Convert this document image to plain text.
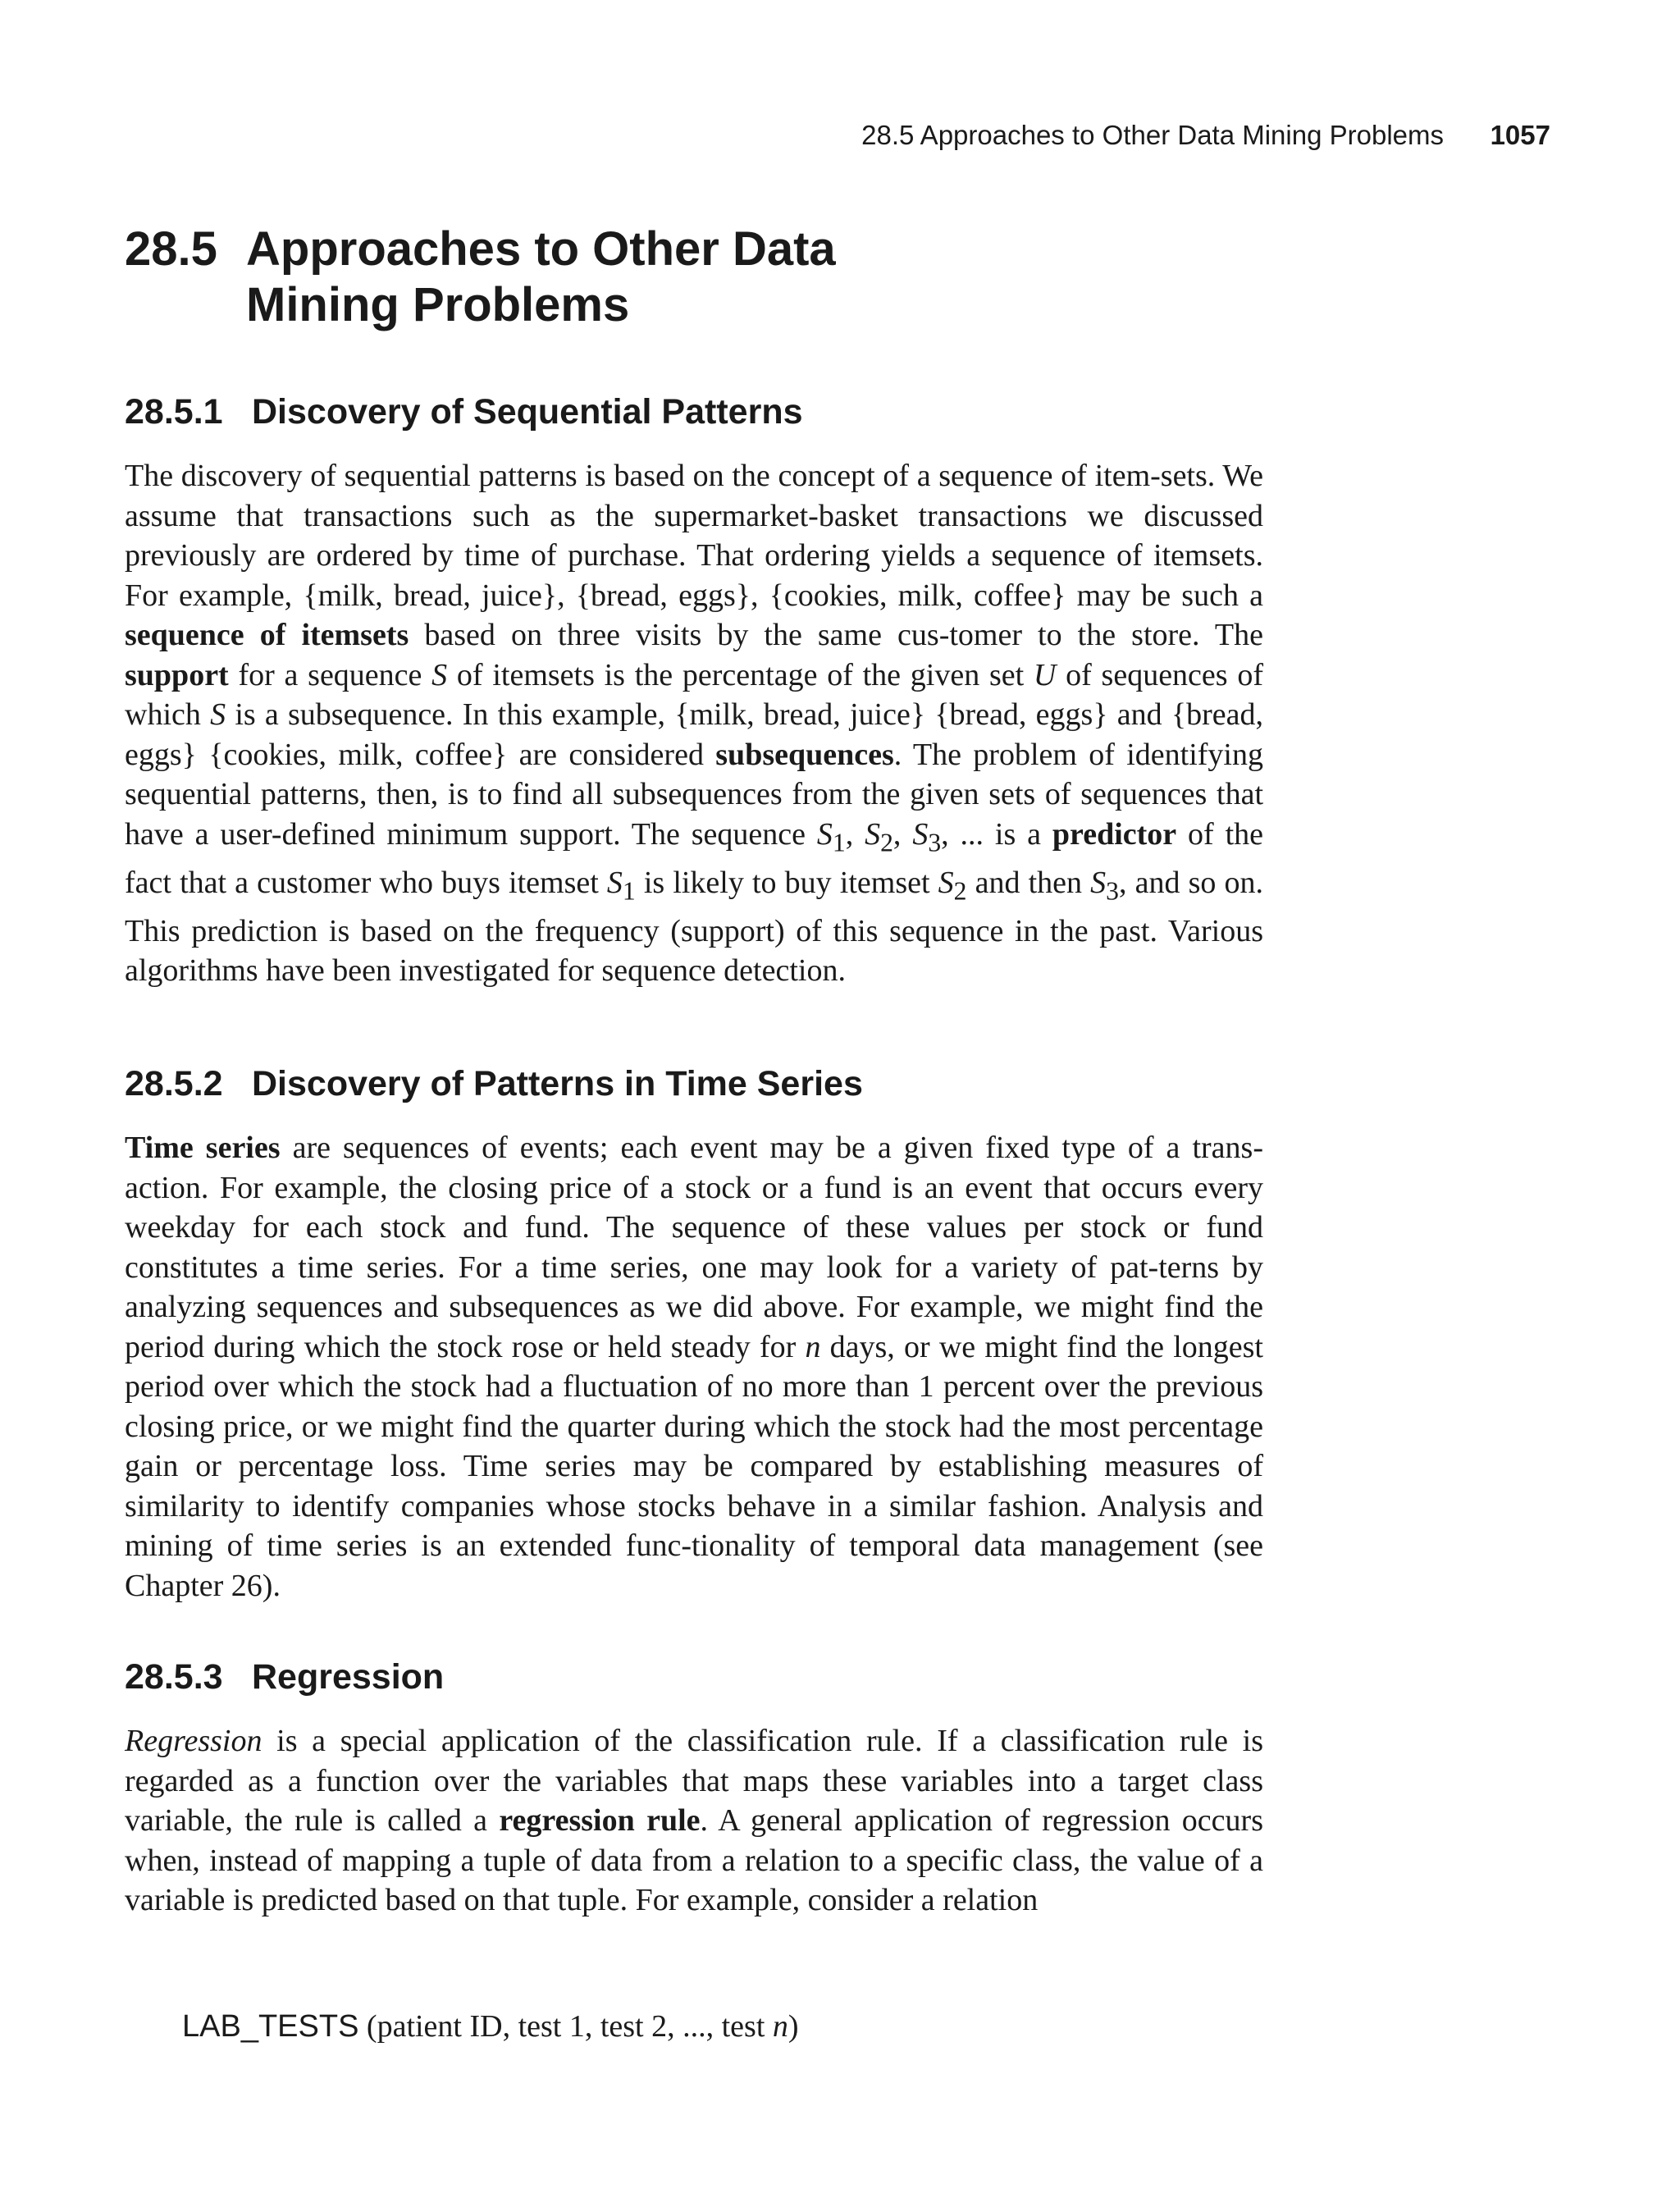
28.5 Approaches to Other Data Mining Problems 1057
28.5 Approaches to Other Data Mining Problems
28.5.1 Discovery of Sequential Patterns

The discovery of sequential patterns is based on the concept of a sequence of item-sets. We assume that transactions such as the supermarket-basket transactions we discussed previously are ordered by time of purchase. That ordering yields a sequence of itemsets. For example, {milk, bread, juice}, {bread, eggs}, {cookies, milk, coffee} may be such a sequence of itemsets based on three visits by the same cus-tomer to the store. The support for a sequence S of itemsets is the percentage of the given set U of sequences of which S is a subsequence. In this example, {milk, bread, juice} {bread, eggs} and {bread, eggs} {cookies, milk, coffee} are considered subsequences. The problem of identifying sequential patterns, then, is to find all subsequences from the given sets of sequences that have a user-defined minimum support. The sequence $S_1$, $S_2$, $S_3$, ... is a predictor of the fact that a customer who buys itemset $S_1$ is likely to buy itemset $S_2$ and then $S_3$, and so on. This prediction is based on the frequency (support) of this sequence in the past. Various algorithms have been investigated for sequence detection.

28.5.2 Discovery of Patterns in Time Series

Time series are sequences of events; each event may be a given fixed type of a trans-action. For example, the closing price of a stock or a fund is an event that occurs every weekday for each stock and fund. The sequence of these values per stock or fund constitutes a time series. For a time series, one may look for a variety of pat-terns by analyzing sequences and subsequences as we did above. For example, we might find the period during which the stock rose or held steady for n days, or we might find the longest period over which the stock had a fluctuation of no more than 1 percent over the previous closing price, or we might find the quarter during which the stock had the most percentage gain or percentage loss. Time series may be compared by establishing measures of similarity to identify companies whose stocks behave in a similar fashion. Analysis and mining of time series is an extended func-tionality of temporal data management (see Chapter 26).

28.5.3 Regression

Regression is a special application of the classification rule. If a classification rule is regarded as a function over the variables that maps these variables into a target class variable, the rule is called a regression rule. A general application of regression occurs when, instead of mapping a tuple of data from a relation to a specific class, the value of a variable is predicted based on that tuple. For example, consider a relation

LAB_TESTS (patient ID, test 1, test 2, ..., test n)
